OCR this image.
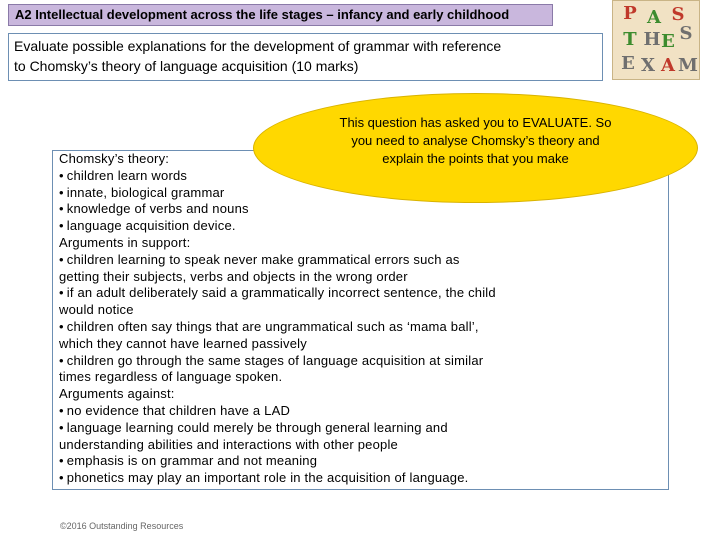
A2 Intellectual development across the life stages – infancy and early childhood
Evaluate possible explanations for the development of grammar with reference
to Chomsky’s theory of language acquisition (10 marks)
P A S
S
T H E
E X A M
Chomsky’s theory:
• children learn words
• innate, biological grammar
• knowledge of verbs and nouns
• language acquisition device.
Arguments in support:
• children learning to speak never make grammatical errors such as
getting their subjects, verbs and objects in the wrong order
• if an adult deliberately said a grammatically incorrect sentence, the child
would notice
• children often say things that are ungrammatical such as ‘mama ball’,
which they cannot have learned passively
• children go through the same stages of language acquisition at similar
times regardless of language spoken.
Arguments against:
• no evidence that children have a LAD
• language learning could merely be through general learning and
understanding abilities and interactions with other people
• emphasis is on grammar and not meaning
• phonetics may play an important role in the acquisition of language.
This question has asked you to EVALUATE. So
you need to analyse Chomsky’s theory and
explain the points that you make
©2016 Outstanding Resources
